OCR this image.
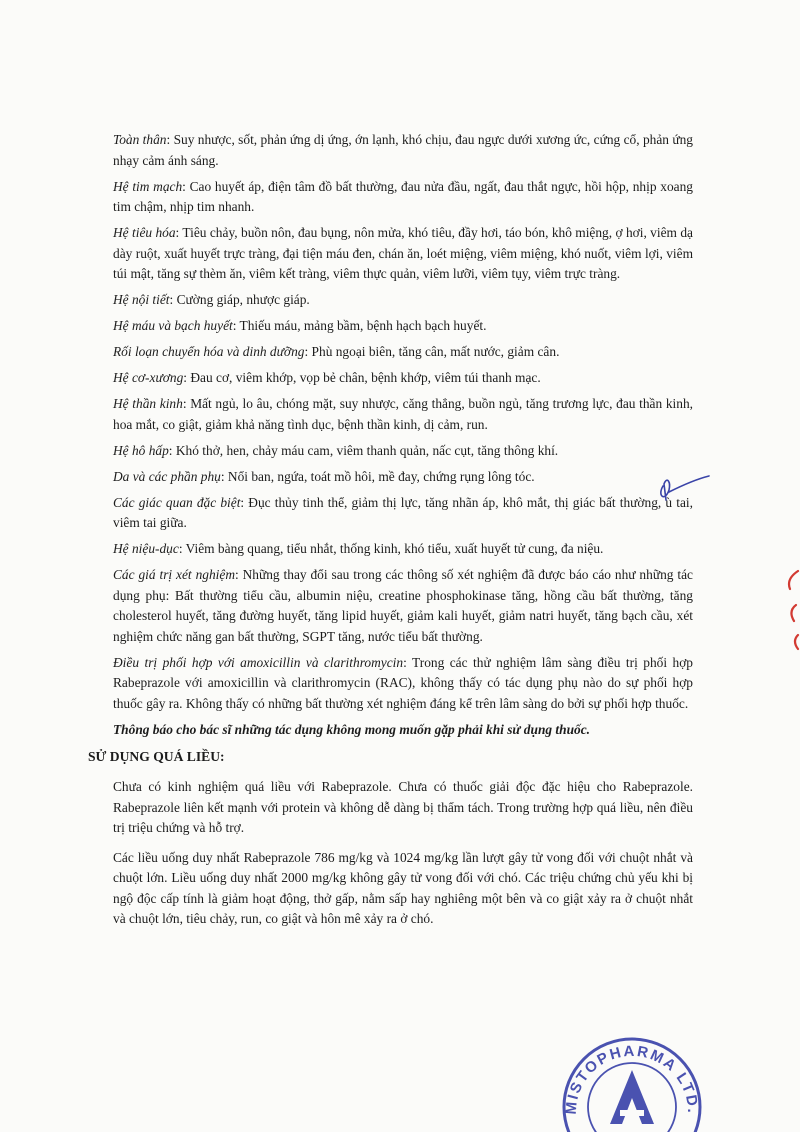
Toàn thân: Suy nhược, sốt, phản ứng dị ứng, ớn lạnh, khó chịu, đau ngực dưới xương ức, cứng cổ, phản ứng nhạy cảm ánh sáng.

Hệ tim mạch: Cao huyết áp, điện tâm đồ bất thường, đau nửa đầu, ngất, đau thắt ngực, hồi hộp, nhịp xoang tim chậm, nhịp tim nhanh.

Hệ tiêu hóa: Tiêu chảy, buồn nôn, đau bụng, nôn mửa, khó tiêu, đầy hơi, táo bón, khô miệng, ợ hơi, viêm dạ dày ruột, xuất huyết trực tràng, đại tiện máu đen, chán ăn, loét miệng, viêm miệng, khó nuốt, viêm lợi, viêm túi mật, tăng sự thèm ăn, viêm kết tràng, viêm thực quản, viêm lưỡi, viêm tụy, viêm trực tràng.

Hệ nội tiết: Cường giáp, nhược giáp.

Hệ máu và bạch huyết: Thiếu máu, mảng bầm, bệnh hạch bạch huyết.

Rối loạn chuyển hóa và dinh dưỡng: Phù ngoại biên, tăng cân, mất nước, giảm cân.

Hệ cơ-xương: Đau cơ, viêm khớp, vọp bẻ chân, bệnh khớp, viêm túi thanh mạc.

Hệ thần kinh: Mất ngủ, lo âu, chóng mặt, suy nhược, căng thẳng, buồn ngủ, tăng trương lực, đau thần kinh, hoa mắt, co giật, giảm khả năng tình dục, bệnh thần kinh, dị cảm, run.

Hệ hô hấp: Khó thở, hen, chảy máu cam, viêm thanh quản, nấc cụt, tăng thông khí.

Da và các phần phụ: Nổi ban, ngứa, toát mồ hôi, mề đay, chứng rụng lông tóc.

Các giác quan đặc biệt: Đục thủy tinh thể, giảm thị lực, tăng nhãn áp, khô mắt, thị giác bất thường, ù tai, viêm tai giữa.

Hệ niệu-dục: Viêm bàng quang, tiểu nhắt, thống kinh, khó tiểu, xuất huyết tử cung, đa niệu.

Các giá trị xét nghiệm: Những thay đổi sau trong các thông số xét nghiệm đã được báo cáo như những tác dụng phụ: Bất thường tiểu cầu, albumin niệu, creatine phosphokinase tăng, hồng cầu bất thường, tăng cholesterol huyết, tăng đường huyết, tăng lipid huyết, giảm kali huyết, giảm natri huyết, tăng bạch cầu, xét nghiệm chức năng gan bất thường, SGPT tăng, nước tiểu bất thường.

Điều trị phối hợp với amoxicillin và clarithromycin: Trong các thử nghiệm lâm sàng điều trị phối hợp Rabeprazole với amoxicillin và clarithromycin (RAC), không thấy có tác dụng phụ nào do sự phối hợp thuốc gây ra. Không thấy có những bất thường xét nghiệm đáng kể trên lâm sàng do bởi sự phối hợp thuốc.

Thông báo cho bác sĩ những tác dụng không mong muốn gặp phải khi sử dụng thuốc.

SỬ DỤNG QUÁ LIỀU:

Chưa có kinh nghiệm quá liều với Rabeprazole. Chưa có thuốc giải độc đặc hiệu cho Rabeprazole. Rabeprazole liên kết mạnh với protein và không dễ dàng bị thẩm tách. Trong trường hợp quá liều, nên điều trị triệu chứng và hỗ trợ.

Các liều uống duy nhất Rabeprazole 786 mg/kg và 1024 mg/kg lần lượt gây tử vong đối với chuột nhắt và chuột lớn. Liều uống duy nhất 2000 mg/kg không gây tử vong đối với chó. Các triệu chứng chủ yếu khi bị ngộ độc cấp tính là giảm hoạt động, thở gấp, nằm sấp hay nghiêng một bên và co giật xảy ra ở chuột nhắt và chuột lớn, tiêu chảy, run, co giật và hôn mê xảy ra ở chó.

MISTOPHARMA LTD.
